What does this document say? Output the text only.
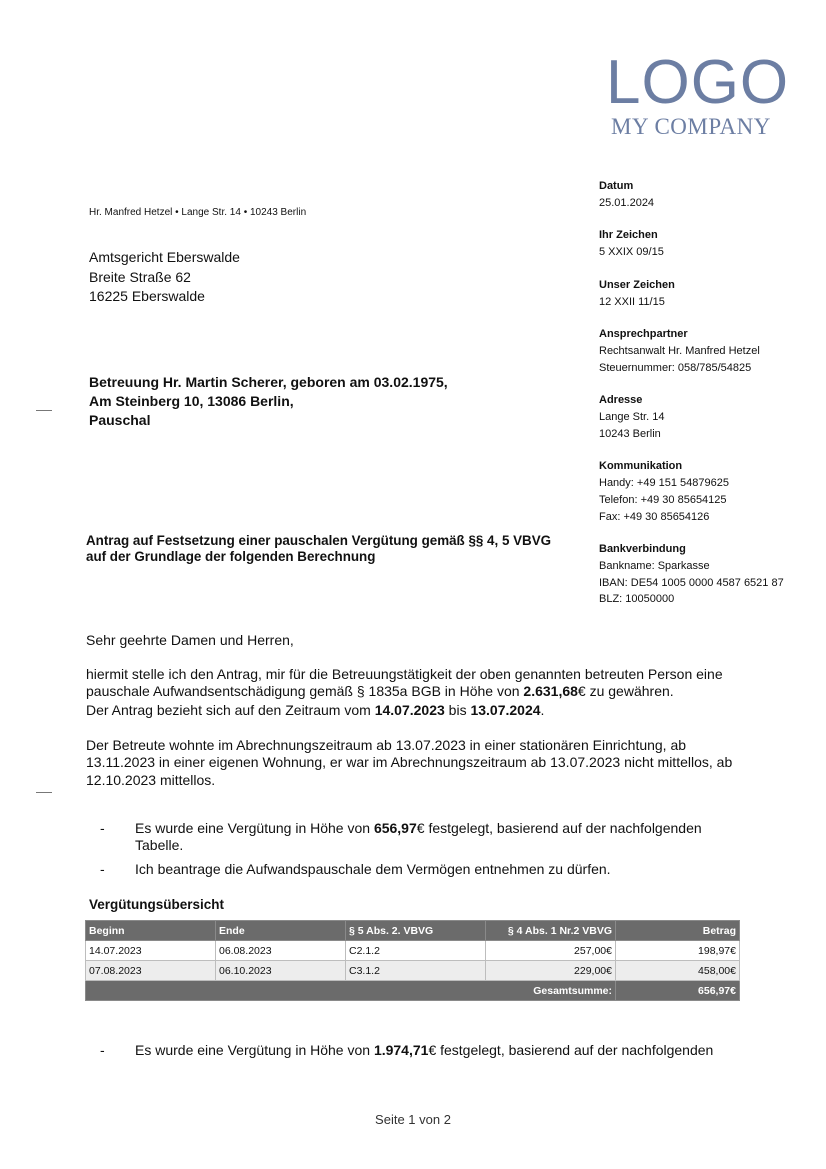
LOGO
MY COMPANY
Hr. Manfred Hetzel • Lange Str. 14 • 10243 Berlin
Amtsgericht Eberswalde
Breite Straße 62
16225 Eberswalde
Betreuung Hr. Martin Scherer, geboren am 03.02.1975,
Am Steinberg 10, 13086 Berlin,
Pauschal
Datum
25.01.2024
Ihr Zeichen
5 XXIX 09/15
Unser Zeichen
12 XXII 11/15
Ansprechpartner
Rechtsanwalt Hr. Manfred Hetzel
Steuernummer: 058/785/54825
Adresse
Lange Str. 14
10243 Berlin
Kommunikation
Handy: +49 151 54879625
Telefon: +49 30 85654125
Fax: +49 30 85654126
Bankverbindung
Bankname: Sparkasse
IBAN: DE54 1005 0000 4587 6521 87
BLZ: 10050000
Antrag auf Festsetzung einer pauschalen Vergütung gemäß §§ 4, 5 VBVG
auf der Grundlage der folgenden Berechnung
Sehr geehrte Damen und Herren,
hiermit stelle ich den Antrag, mir für die Betreuungstätigkeit der oben genannten betreuten Person eine pauschale Aufwandsentschädigung gemäß § 1835a BGB in Höhe von 2.631,68€ zu gewähren.
Der Antrag bezieht sich auf den Zeitraum vom 14.07.2023 bis 13.07.2024.
Der Betreute wohnte im Abrechnungszeitraum ab 13.07.2023 in einer stationären Einrichtung, ab 13.11.2023 in einer eigenen Wohnung, er war im Abrechnungszeitraum ab 13.07.2023 nicht mittellos, ab 12.10.2023 mittellos.
- Es wurde eine Vergütung in Höhe von 656,97€ festgelegt, basierend auf der nachfolgenden Tabelle.
- Ich beantrage die Aufwandspauschale dem Vermögen entnehmen zu dürfen.
Vergütungsübersicht
Beginn	Ende	§ 5 Abs. 2. VBVG	§ 4 Abs. 1 Nr.2 VBVG	Betrag
14.07.2023	06.08.2023	C2.1.2	257,00€	198,97€
07.08.2023	06.10.2023	C3.1.2	229,00€	458,00€
Gesamtsumme:				656,97€
- Es wurde eine Vergütung in Höhe von 1.974,71€ festgelegt, basierend auf der nachfolgenden
Seite 1 von 2
